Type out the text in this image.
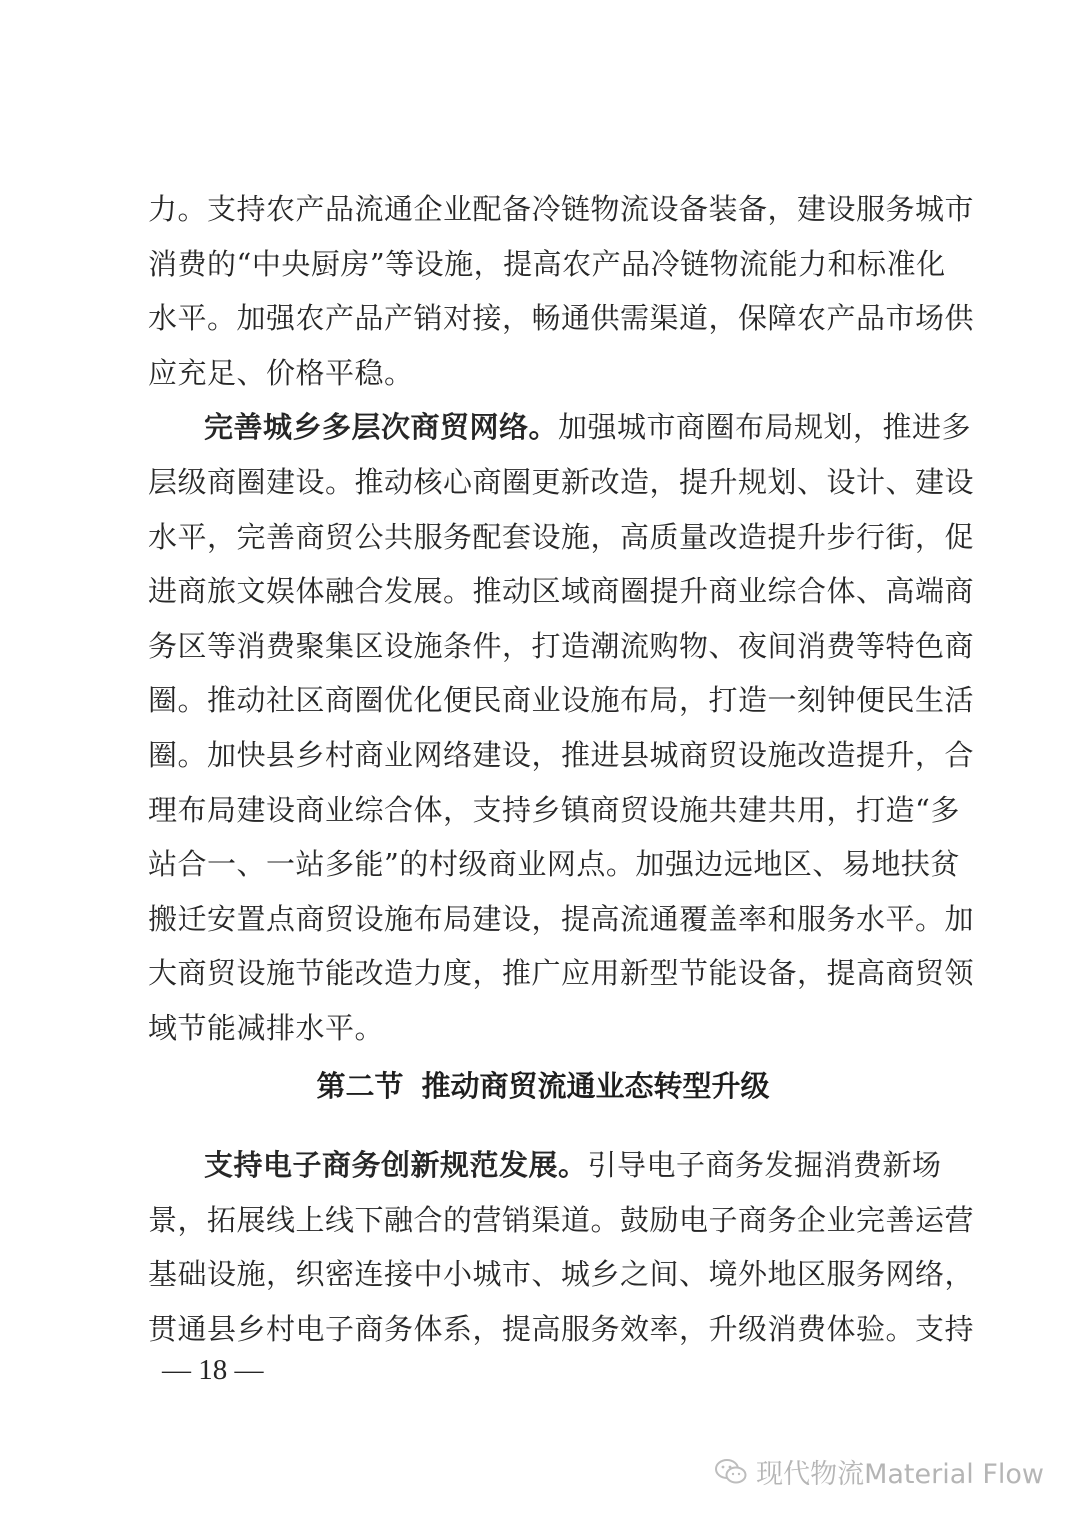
力。支持农产品流通企业配备冷链物流设备装备，建设服务城市
消费的“中央厨房”等设施，提高农产品冷链物流能力和标准化
水平。加强农产品产销对接，畅通供需渠道，保障农产品市场供
应充足、价格平稳。
完善城乡多层次商贸网络。加强城市商圈布局规划，推进多
层级商圈建设。推动核心商圈更新改造，提升规划、设计、建设
水平，完善商贸公共服务配套设施，高质量改造提升步行街，促
进商旅文娱体融合发展。推动区域商圈提升商业综合体、高端商
务区等消费聚集区设施条件，打造潮流购物、夜间消费等特色商
圈。推动社区商圈优化便民商业设施布局，打造一刻钟便民生活
圈。加快县乡村商业网络建设，推进县城商贸设施改造提升，合
理布局建设商业综合体，支持乡镇商贸设施共建共用，打造“多
站合一、一站多能”的村级商业网点。加强边远地区、易地扶贫
搬迁安置点商贸设施布局建设，提高流通覆盖率和服务水平。加
大商贸设施节能改造力度，推广应用新型节能设备，提高商贸领
域节能减排水平。
第二节 推动商贸流通业态转型升级
支持电子商务创新规范发展。引导电子商务发掘消费新场
景，拓展线上线下融合的营销渠道。鼓励电子商务企业完善运营
基础设施，织密连接中小城市、城乡之间、境外地区服务网络，
贯通县乡村电子商务体系，提高服务效率，升级消费体验。支持
— 18 —
现代物流Material Flow
